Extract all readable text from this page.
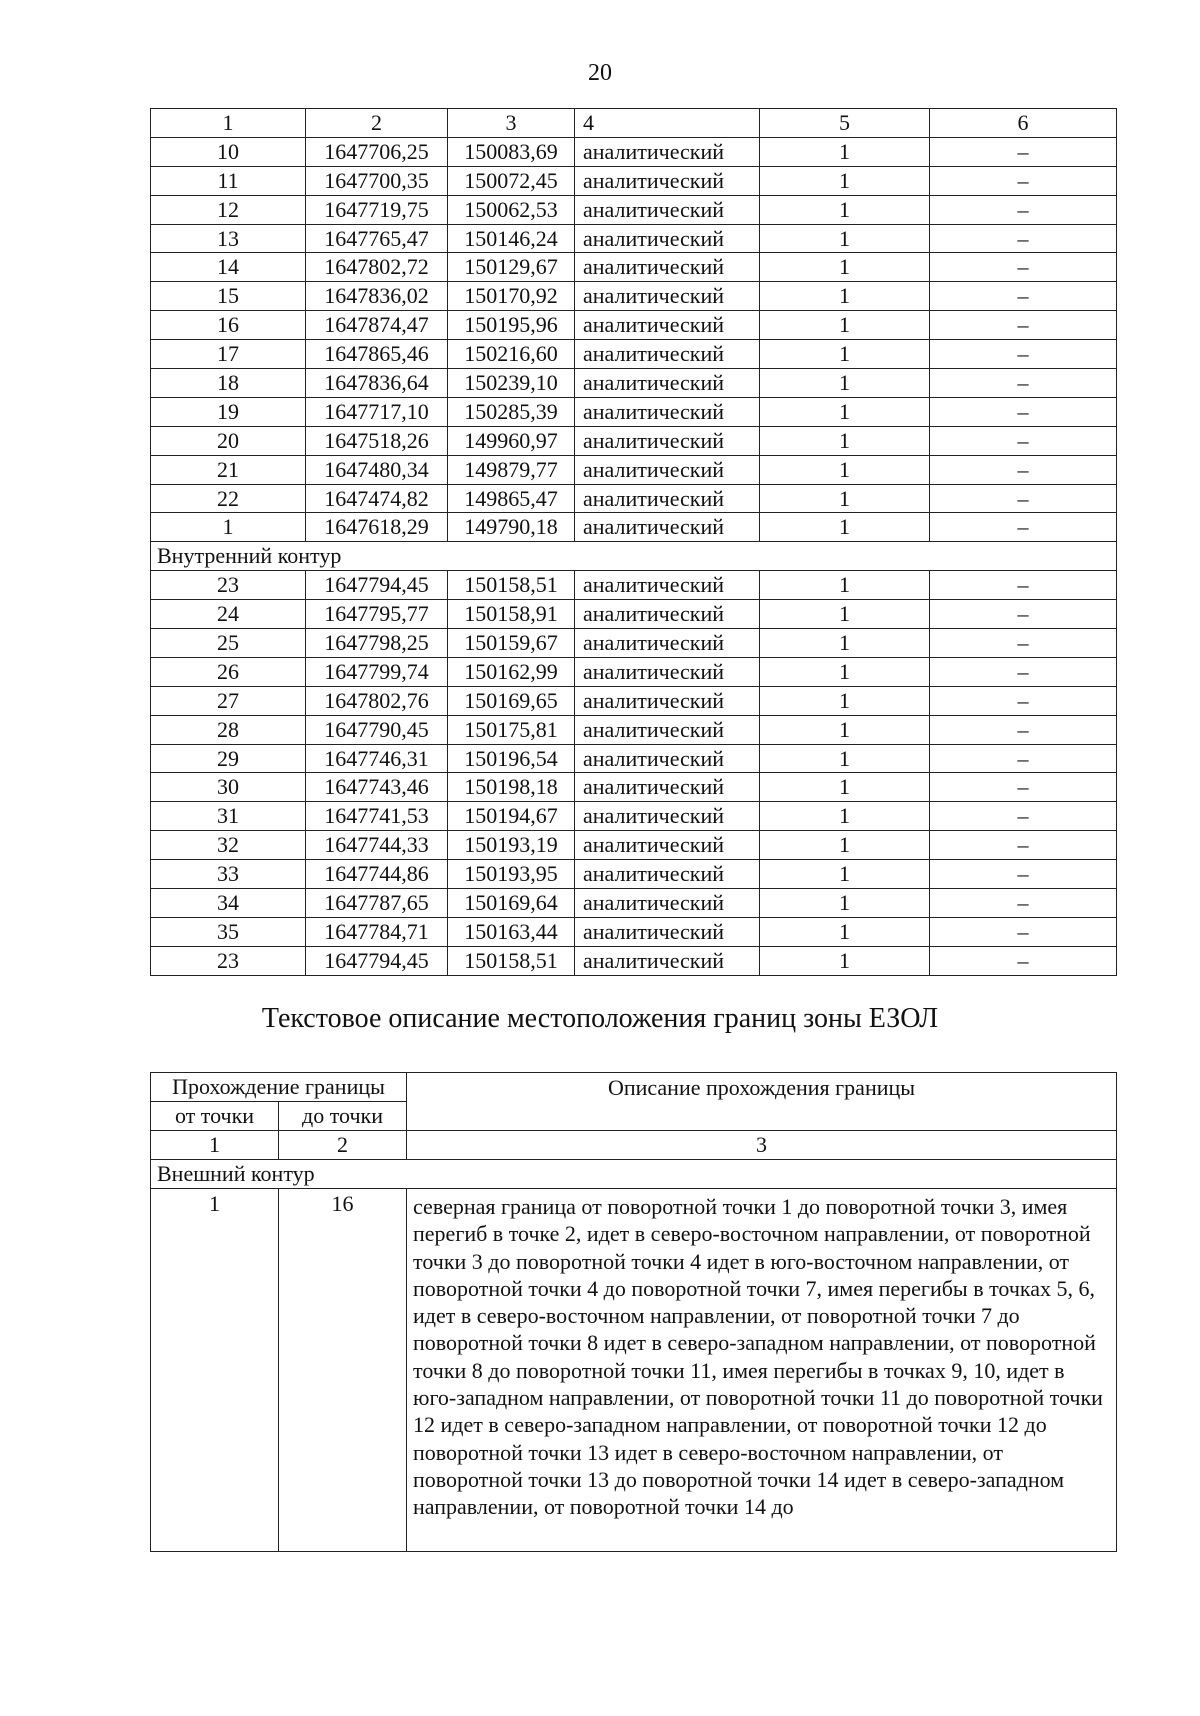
20
1	2	3	4	5	6
10	1647706,25	150083,69	аналитический	1	–
11	1647700,35	150072,45	аналитический	1	–
12	1647719,75	150062,53	аналитический	1	–
13	1647765,47	150146,24	аналитический	1	–
14	1647802,72	150129,67	аналитический	1	–
15	1647836,02	150170,92	аналитический	1	–
16	1647874,47	150195,96	аналитический	1	–
17	1647865,46	150216,60	аналитический	1	–
18	1647836,64	150239,10	аналитический	1	–
19	1647717,10	150285,39	аналитический	1	–
20	1647518,26	149960,97	аналитический	1	–
21	1647480,34	149879,77	аналитический	1	–
22	1647474,82	149865,47	аналитический	1	–
1	1647618,29	149790,18	аналитический	1	–
Внутренний контур					
23	1647794,45	150158,51	аналитический	1	–
24	1647795,77	150158,91	аналитический	1	–
25	1647798,25	150159,67	аналитический	1	–
26	1647799,74	150162,99	аналитический	1	–
27	1647802,76	150169,65	аналитический	1	–
28	1647790,45	150175,81	аналитический	1	–
29	1647746,31	150196,54	аналитический	1	–
30	1647743,46	150198,18	аналитический	1	–
31	1647741,53	150194,67	аналитический	1	–
32	1647744,33	150193,19	аналитический	1	–
33	1647744,86	150193,95	аналитический	1	–
34	1647787,65	150169,64	аналитический	1	–
35	1647784,71	150163,44	аналитический	1	–
23	1647794,45	150158,51	аналитический	1	–
Текстовое описание местоположения границ зоны ЕЗОЛ
Прохождение границы		Описание прохождения границы
от точки	до точки	
1	2	3
Внешний контур		
1	16	северная граница от поворотной точки 1 до поворотной точки 3, имея перегиб в точке 2, идет в северо-восточном направлении, от поворотной точки 3 до поворотной точки 4 идет в юго-восточном направлении, от поворотной точки 4 до поворотной точки 7, имея перегибы в точках 5, 6, идет в северо-восточном направлении, от поворотной точки 7 до поворотной точки 8 идет в северо-западном направлении, от поворотной точки 8 до поворотной точки 11, имея перегибы в точках 9, 10, идет в юго-западном направлении, от поворотной точки 11 до поворотной точки 12 идет в северо-западном направлении, от поворотной точки 12 до поворотной точки 13 идет в северо-восточном направлении, от поворотной точки 13 до поворотной точки 14 идет в северо-западном направлении, от поворотной точки 14 до
